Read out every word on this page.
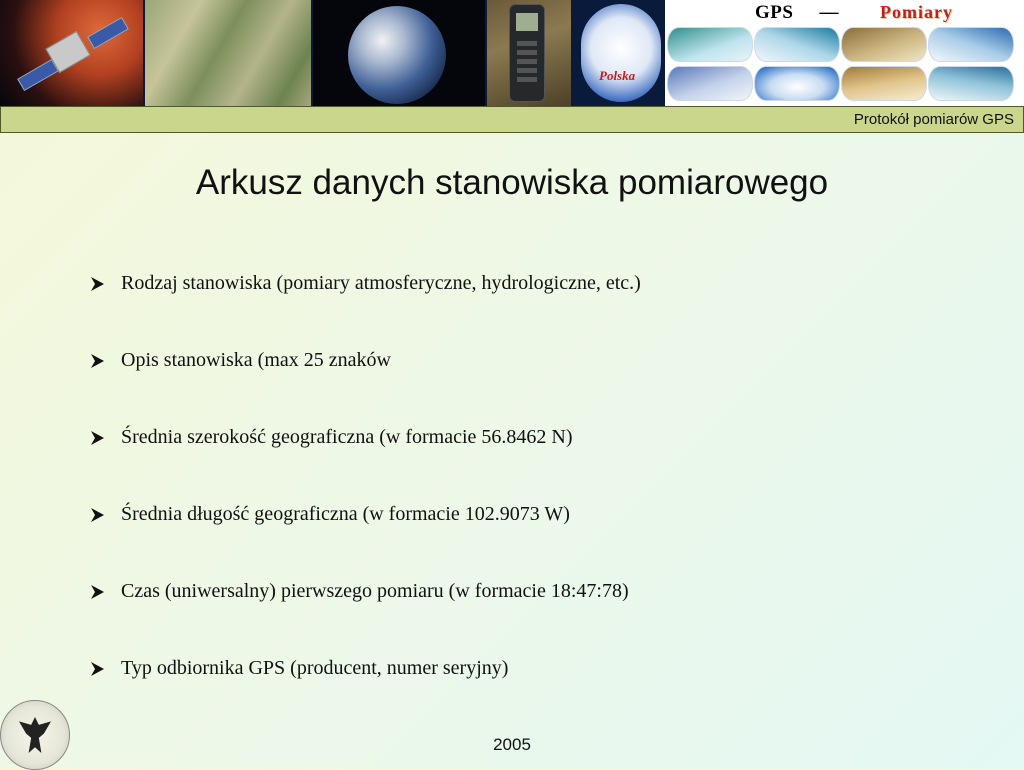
Polska
GPS — Pomiary
Protokół pomiarów GPS
Arkusz danych stanowiska pomiarowego
Rodzaj stanowiska (pomiary atmosferyczne, hydrologiczne, etc.)
Opis stanowiska (max 25 znaków
Średnia szerokość geograficzna (w formacie 56.8462 N)
Średnia długość geograficzna (w formacie 102.9073 W)
Czas (uniwersalny) pierwszego pomiaru (w formacie 18:47:78)
Typ odbiornika GPS (producent, numer seryjny)
2005
